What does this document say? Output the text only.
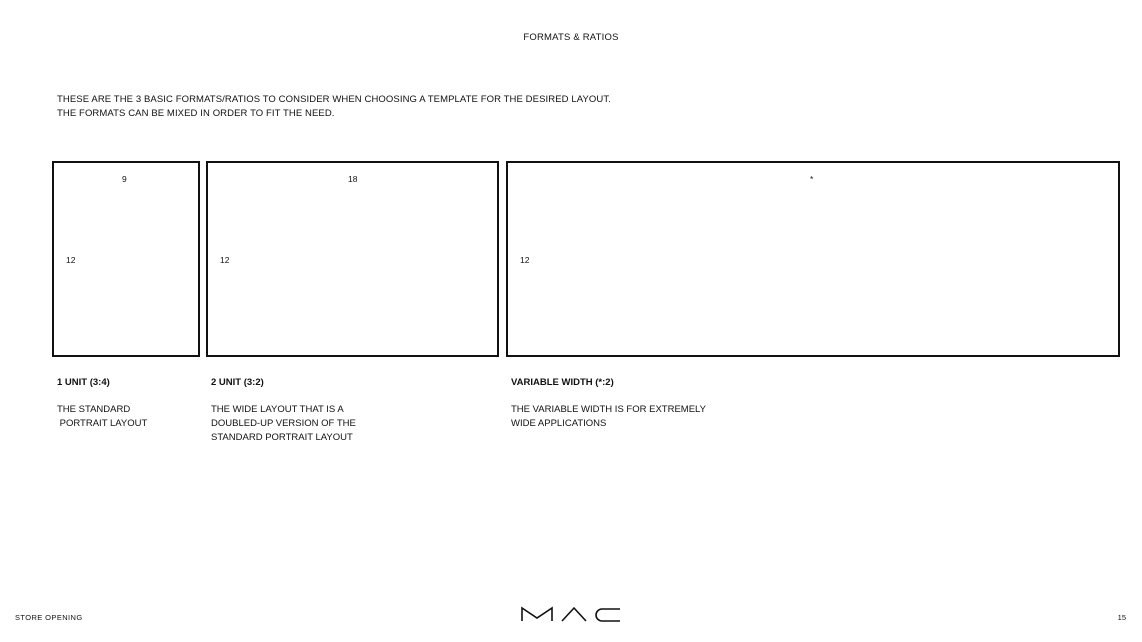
FORMATS & RATIOS
THESE ARE THE 3 BASIC FORMATS/RATIOS TO CONSIDER WHEN CHOOSING A TEMPLATE FOR THE DESIRED LAYOUT.
THE FORMATS CAN BE MIXED IN ORDER TO FIT THE NEED.
9
12
18
12
*
12
1 UNIT (3:4)
THE STANDARD
PORTRAIT LAYOUT
2 UNIT (3:2)
THE WIDE LAYOUT THAT IS A
DOUBLED-UP VERSION OF THE
STANDARD PORTRAIT LAYOUT
VARIABLE WIDTH (*:2)
THE VARIABLE WIDTH IS FOR EXTREMELY
WIDE APPLICATIONS
STORE OPENING	15
